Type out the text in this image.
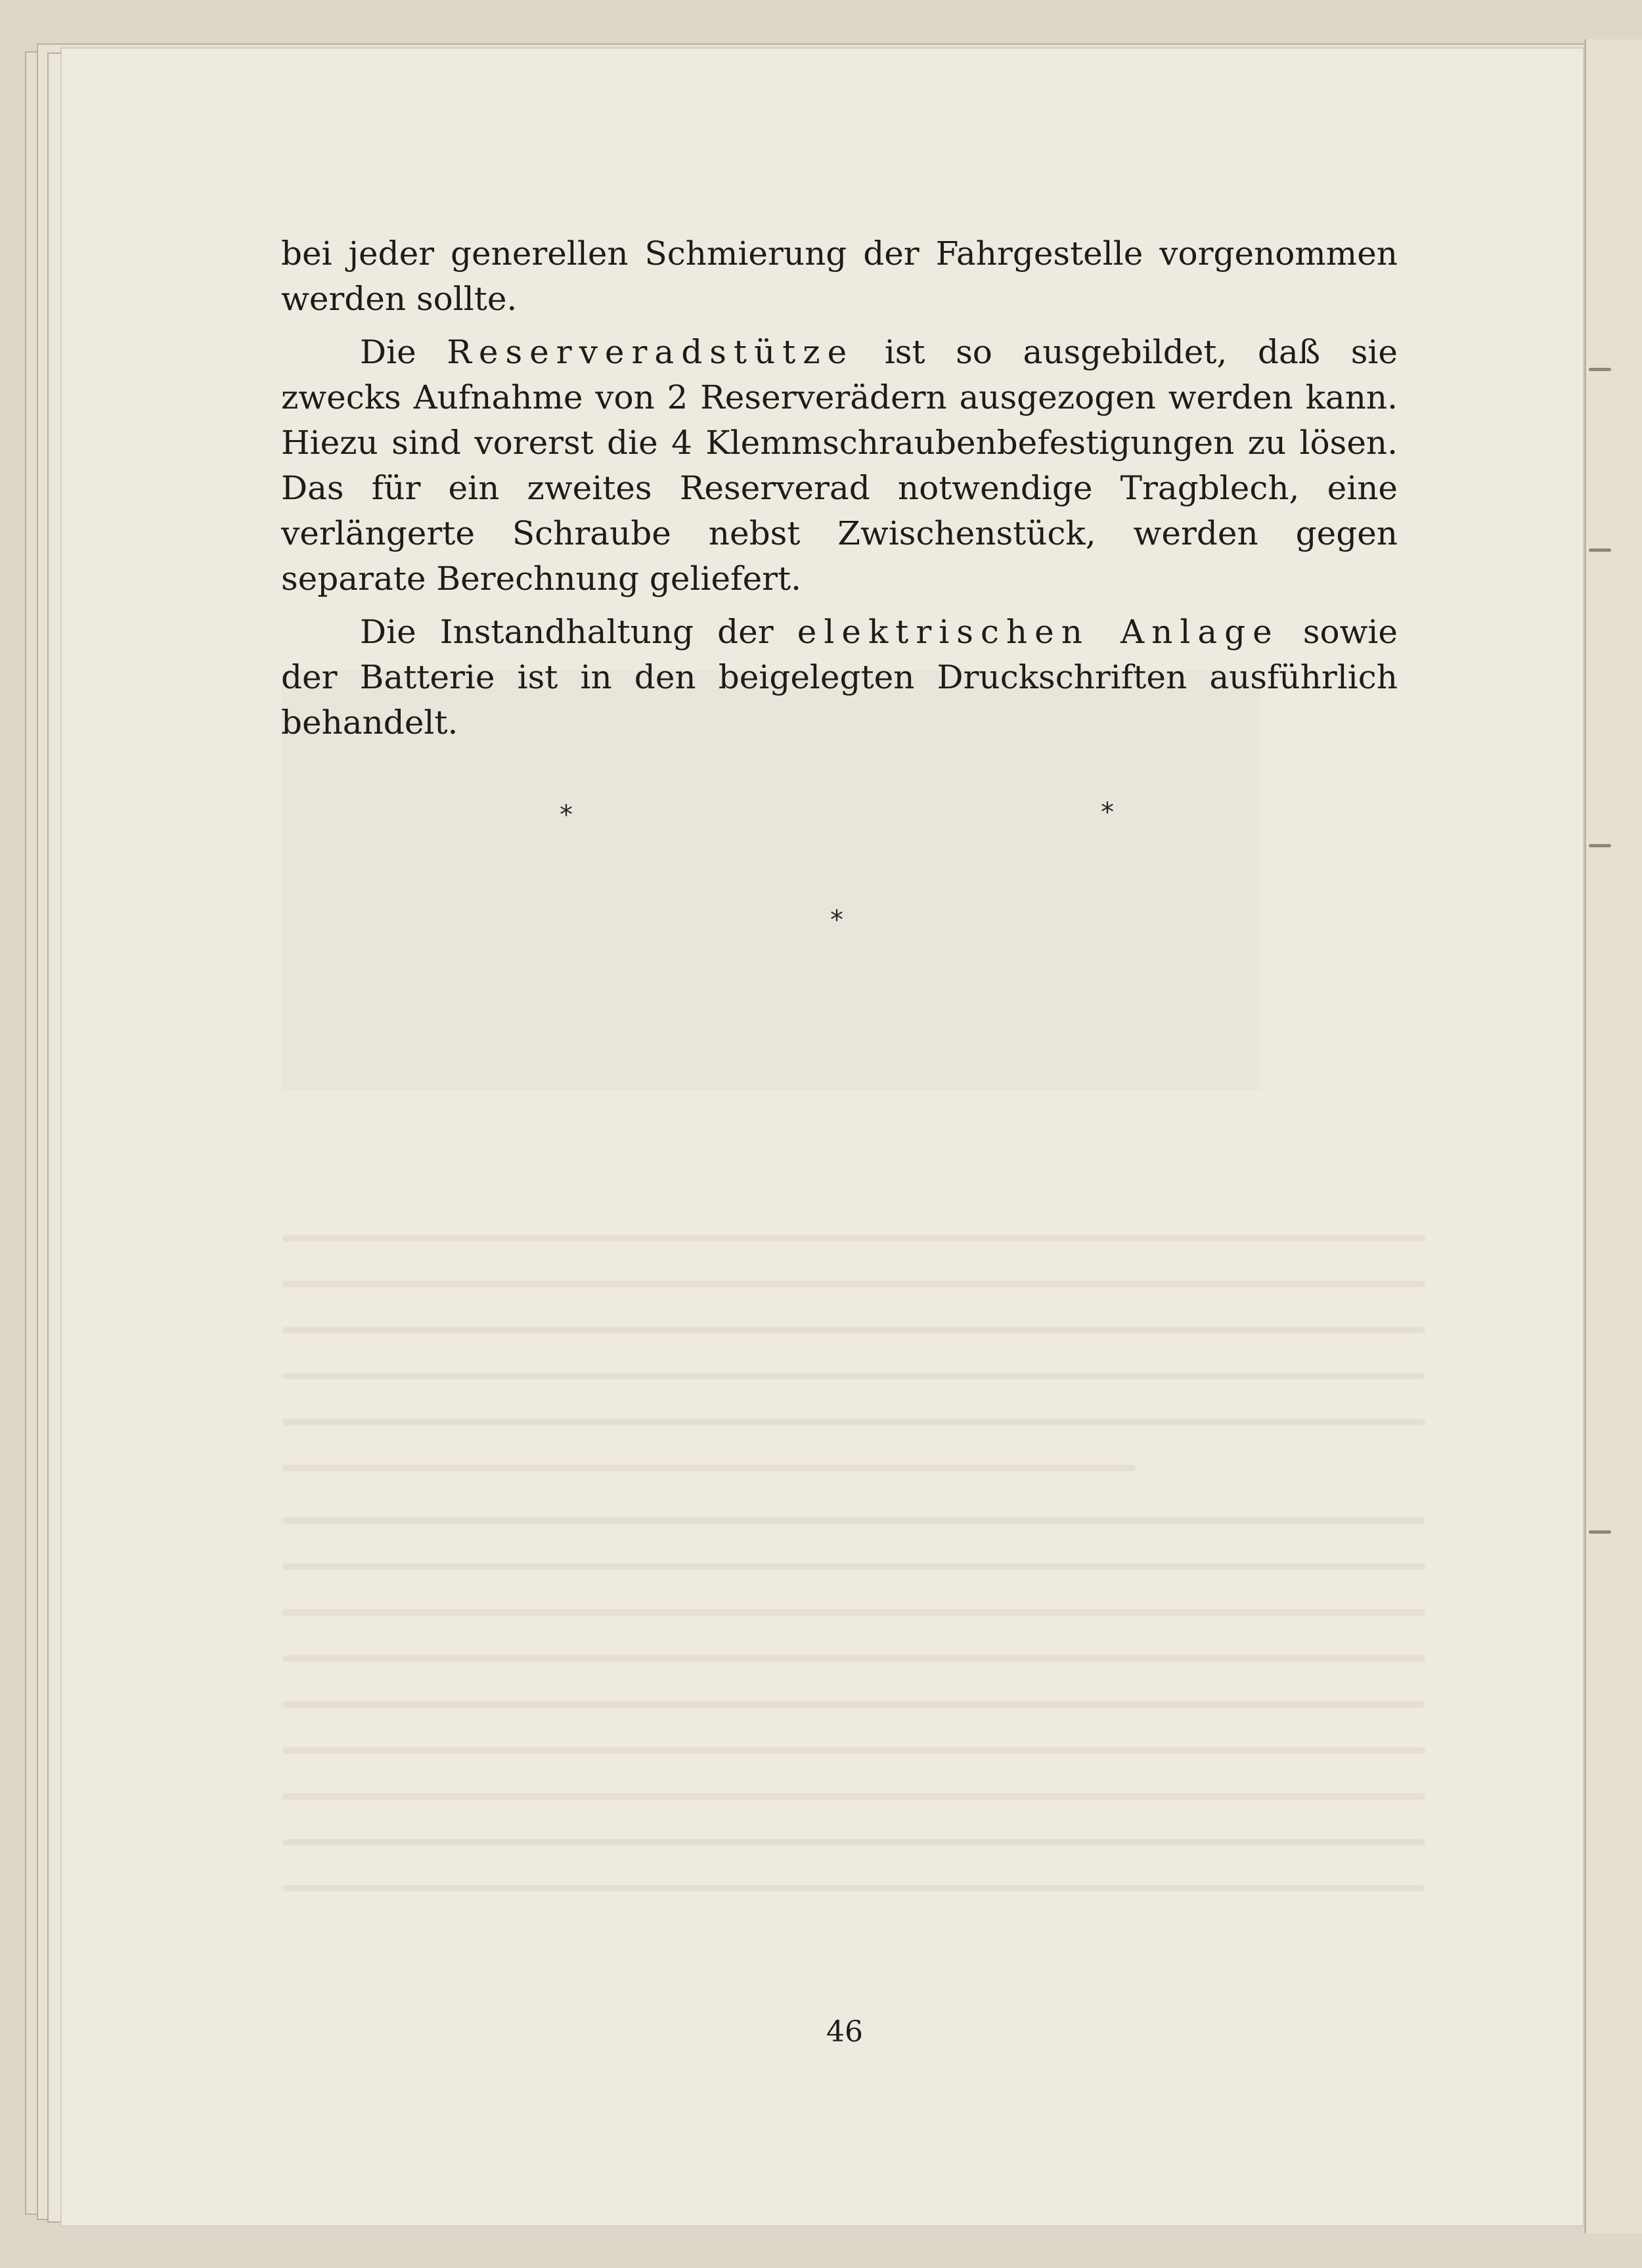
bei jeder generellen Schmierung der Fahrgestelle vorgenommen werden sollte.

Die Reserveradstütze ist so ausgebildet, daß sie zwecks Aufnahme von 2 Reserverädern ausgezogen werden kann. Hiezu sind vorerst die 4 Klemmschraubenbefestigungen zu lösen. Das für ein zweites Reserverad notwendige Tragblech, eine verlängerte Schraube nebst Zwischenstück, werden gegen separate Berechnung geliefert.

Die Instandhaltung der elektrischen Anlage sowie der Batterie ist in den beigelegten Druckschriften ausführlich behandelt.

*	*
*
46
